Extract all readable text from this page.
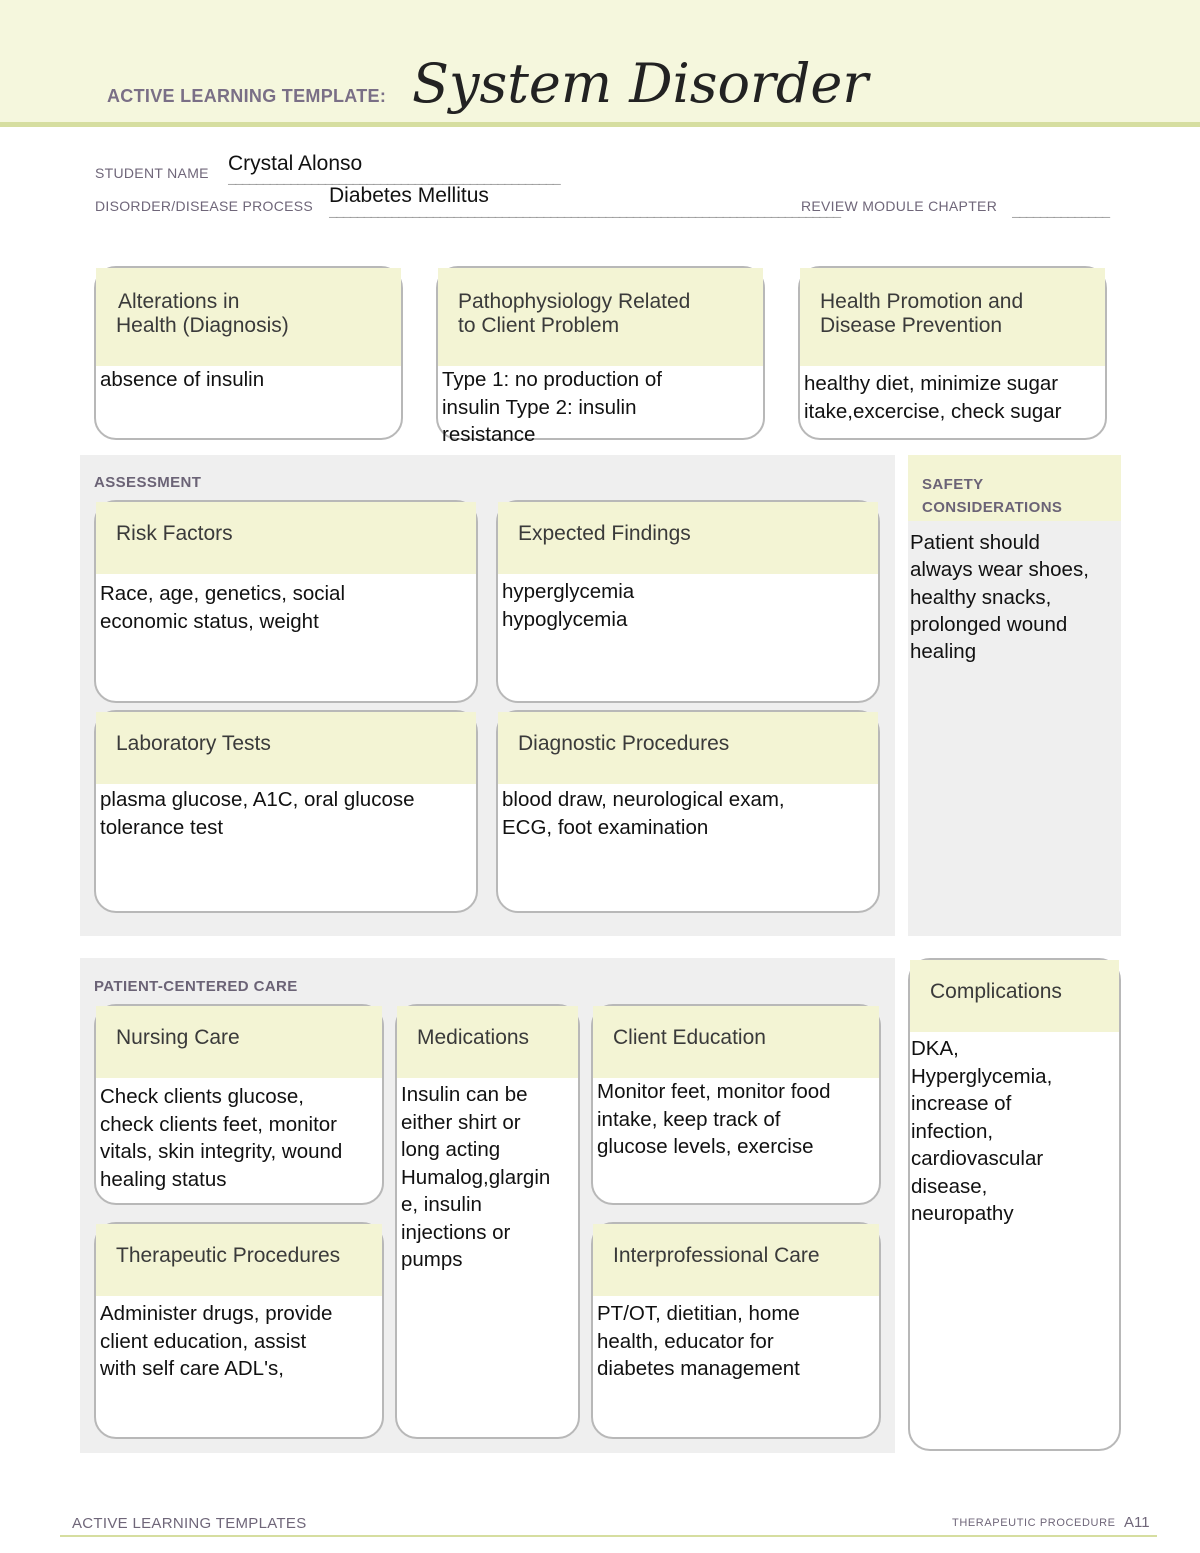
ACTIVE LEARNING TEMPLATE: System Disorder
STUDENT NAME ________________________________________________
Crystal Alonso
DISORDER/DISEASE PROCESS __________________________________________________________________________
Diabetes Mellitus	REVIEW MODULE CHAPTER ______________
Alterations in
Health (Diagnosis)
absence of insulin
Pathophysiology Related
to Client Problem
Type 1: no production of
insulin Type 2: insulin
resistance
Health Promotion and
Disease Prevention
healthy diet, minimize sugar
itake,excercise, check sugar
ASSESSMENT
Risk Factors
Race, age, genetics, social
economic status, weight
Expected Findings
hyperglycemia
hypoglycemia
Laboratory Tests
plasma glucose, A1C, oral glucose
tolerance test
Diagnostic Procedures
blood draw, neurological exam,
ECG, foot examination
SAFETY
CONSIDERATIONS
Patient should
always wear shoes,
healthy snacks,
prolonged wound
healing
PATIENT-CENTERED CARE
Nursing Care
Check clients glucose,
check clients feet, monitor
vitals, skin integrity, wound
healing status
Medications
Insulin can be
either shirt or
long acting
Humalog,glargin
e, insulin
injections or
pumps
Client Education
Monitor feet, monitor food
intake, keep track of
glucose levels, exercise
Therapeutic Procedures
Administer drugs, provide
client education, assist
with self care ADL's,
Interprofessional Care
PT/OT, dietitian, home
health, educator for
diabetes management
Complications
DKA,
Hyperglycemia,
increase of
infection,
cardiovascular
disease,
neuropathy
ACTIVE LEARNING TEMPLATES	THERAPEUTIC PROCEDURE A11
